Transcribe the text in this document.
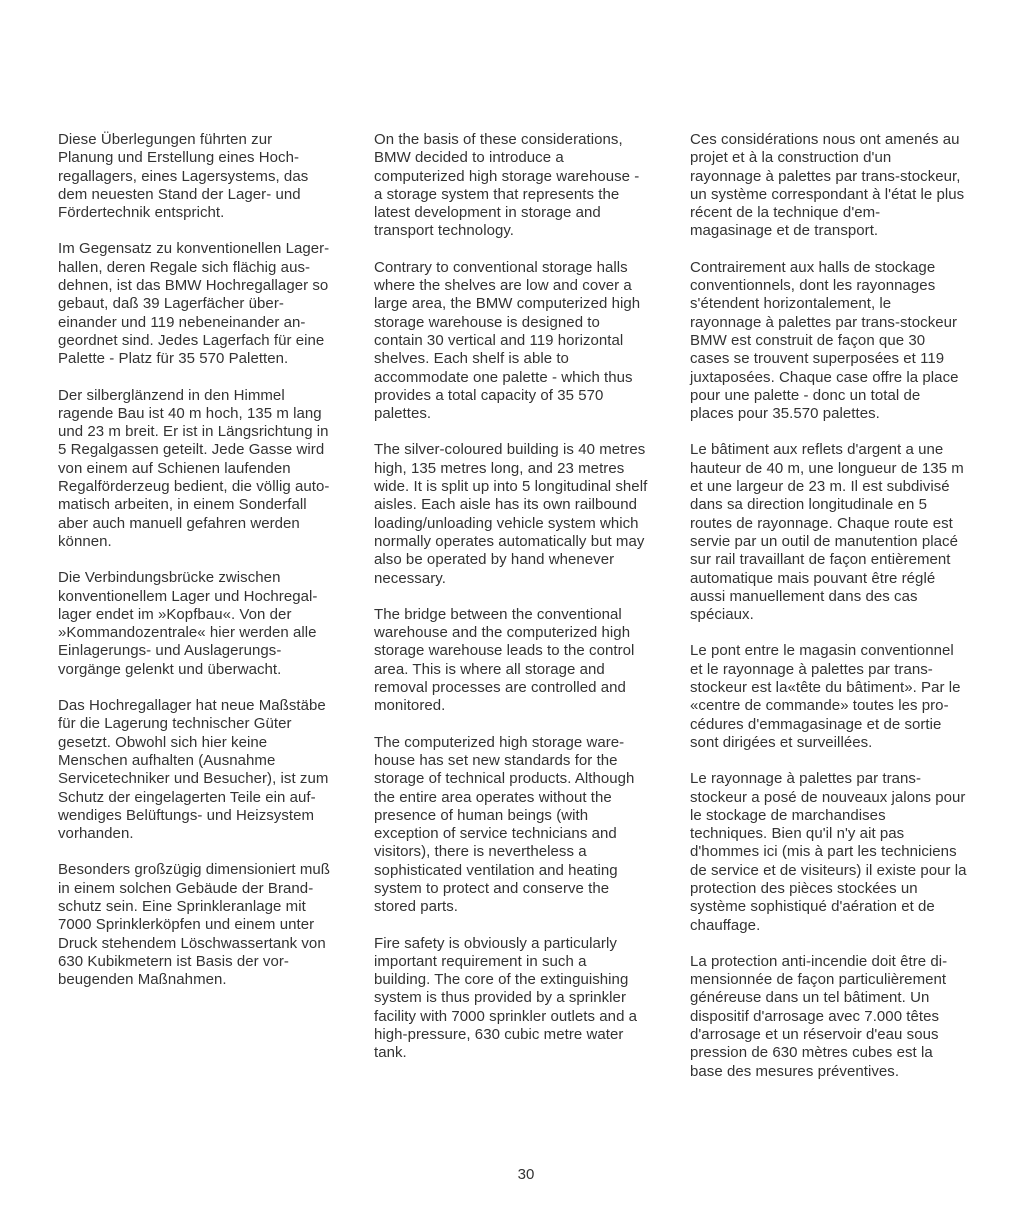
Diese Überlegungen führten zur
Planung und Erstellung eines Hoch-
regallagers, eines Lagersystems, das
dem neuesten Stand der Lager- und
Fördertechnik entspricht.

Im Gegensatz zu konventionellen Lager-
hallen, deren Regale sich flächig aus-
dehnen, ist das BMW Hochregallager so
gebaut, daß 39 Lagerfächer über-
einander und 119 nebeneinander an-
geordnet sind. Jedes Lagerfach für eine
Palette - Platz für 35 570 Paletten.

Der silberglänzend in den Himmel
ragende Bau ist 40 m hoch, 135 m lang
und 23 m breit. Er ist in Längsrichtung in
5 Regalgassen geteilt. Jede Gasse wird
von einem auf Schienen laufenden
Regalförderzeug bedient, die völlig auto-
matisch arbeiten, in einem Sonderfall
aber auch manuell gefahren werden
können.

Die Verbindungsbrücke zwischen
konventionellem Lager und Hochregal-
lager endet im »Kopfbau«. Von der
»Kommandozentrale« hier werden alle
Einlagerungs- und Auslagerungs-
vorgänge gelenkt und überwacht.

Das Hochregallager hat neue Maßstäbe
für die Lagerung technischer Güter
gesetzt. Obwohl sich hier keine
Menschen aufhalten (Ausnahme
Servicetechniker und Besucher), ist zum
Schutz der eingelagerten Teile ein auf-
wendiges Belüftungs- und Heizsystem
vorhanden.

Besonders großzügig dimensioniert muß
in einem solchen Gebäude der Brand-
schutz sein. Eine Sprinkleranlage mit
7000 Sprinklerköpfen und einem unter
Druck stehendem Löschwassertank von
630 Kubikmetern ist Basis der vor-
beugenden Maßnahmen.

On the basis of these considerations,
BMW decided to introduce a
computerized high storage warehouse -
a storage system that represents the
latest development in storage and
transport technology.

Contrary to conventional storage halls
where the shelves are low and cover a
large area, the BMW computerized high
storage warehouse is designed to
contain 30 vertical and 119 horizontal
shelves. Each shelf is able to
accommodate one palette - which thus
provides a total capacity of 35 570
palettes.

The silver-coloured building is 40 metres
high, 135 metres long, and 23 metres
wide. It is split up into 5 longitudinal shelf
aisles. Each aisle has its own railbound
loading/unloading vehicle system which
normally operates automatically but may
also be operated by hand whenever
necessary.

The bridge between the conventional
warehouse and the computerized high
storage warehouse leads to the control
area. This is where all storage and
removal processes are controlled and
monitored.

The computerized high storage ware-
house has set new standards for the
storage of technical products. Although
the entire area operates without the
presence of human beings (with
exception of service technicians and
visitors), there is nevertheless a
sophisticated ventilation and heating
system to protect and conserve the
stored parts.

Fire safety is obviously a particularly
important requirement in such a
building. The core of the extinguishing
system is thus provided by a sprinkler
facility with 7000 sprinkler outlets and a
high-pressure, 630 cubic metre water
tank.

Ces considérations nous ont amenés au
projet et à la construction d'un
rayonnage à palettes par trans-stockeur,
un système correspondant à l'état le plus
récent de la technique d'em-
magasinage et de transport.

Contrairement aux halls de stockage
conventionnels, dont les rayonnages
s'étendent horizontalement, le
rayonnage à palettes par trans-stockeur
BMW est construit de façon que 30
cases se trouvent superposées et 119
juxtaposées. Chaque case offre la place
pour une palette - donc un total de
places pour 35.570 palettes.

Le bâtiment aux reflets d'argent a une
hauteur de 40 m, une longueur de 135 m
et une largeur de 23 m. Il est subdivisé
dans sa direction longitudinale en 5
routes de rayonnage. Chaque route est
servie par un outil de manutention placé
sur rail travaillant de façon entièrement
automatique mais pouvant être réglé
aussi manuellement dans des cas
spéciaux.

Le pont entre le magasin conventionnel
et le rayonnage à palettes par trans-
stockeur est la«tête du bâtiment». Par le
«centre de commande» toutes les pro-
cédures d'emmagasinage et de sortie
sont dirigées et surveillées.

Le rayonnage à palettes par trans-
stockeur a posé de nouveaux jalons pour
le stockage de marchandises
techniques. Bien qu'il n'y ait pas
d'hommes ici (mis à part les techniciens
de service et de visiteurs) il existe pour la
protection des pièces stockées un
système sophistiqué d'aération et de
chauffage.

La protection anti-incendie doit être di-
mensionnée de façon particulièrement
généreuse dans un tel bâtiment. Un
dispositif d'arrosage avec 7.000 têtes
d'arrosage et un réservoir d'eau sous
pression de 630 mètres cubes est la
base des mesures préventives.

30
